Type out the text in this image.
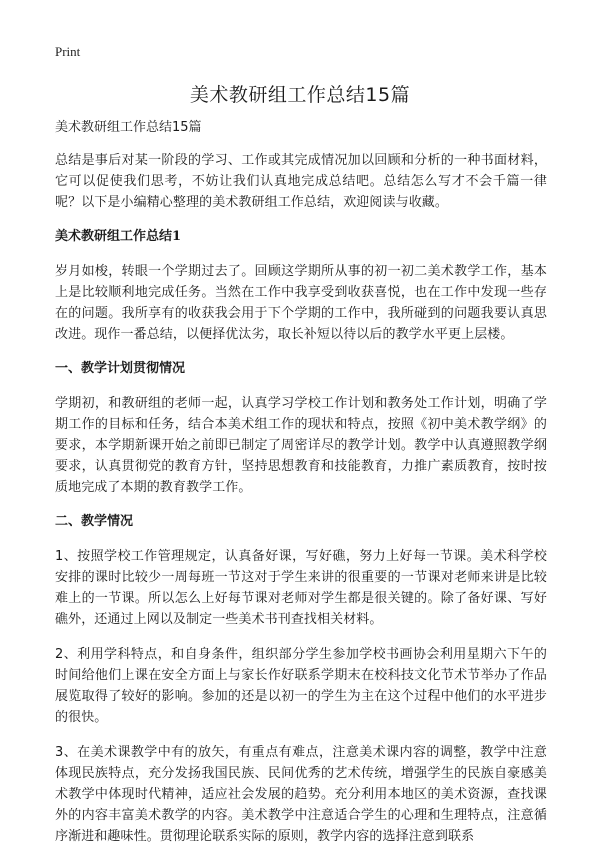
Print
美术教研组工作总结15篇

美术教研组工作总结15篇

总结是事后对某一阶段的学习、工作或其完成情况加以回顾和分析的一种书面材料，它可以促使我们思考，不妨让我们认真地完成总结吧。总结怎么写才不会千篇一律呢？以下是小编精心整理的美术教研组工作总结，欢迎阅读与收藏。

美术教研组工作总结1

岁月如梭，转眼一个学期过去了。回顾这学期所从事的初一初二美术教学工作，基本上是比较顺利地完成任务。当然在工作中我享受到收获喜悦，也在工作中发现一些存在的问题。我所享有的收获我会用于下个学期的工作中，我所碰到的问题我要认真思改进。现作一番总结，以便择优汰劣，取长补短以待以后的教学水平更上层楼。

一、教学计划贯彻情况

学期初，和教研组的老师一起，认真学习学校工作计划和教务处工作计划，明确了学期工作的目标和任务，结合本美术组工作的现状和特点，按照《初中美术教学纲》的要求，本学期新课开始之前即已制定了周密详尽的教学计划。教学中认真遵照教学纲要求，认真贯彻党的教育方针，坚持思想教育和技能教育，力推广素质教育，按时按质地完成了本期的教育教学工作。

二、教学情况

1、按照学校工作管理规定，认真备好课，写好礁，努力上好每一节课。美术科学校安排的课时比较少一周每班一节这对于学生来讲的很重要的一节课对老师来讲是比较难上的一节课。所以怎么上好每节课对老师对学生都是很关键的。除了备好课、写好礁外，还通过上网以及制定一些美术书刊查找相关材料。

2、利用学科特点，和自身条件，组织部分学生参加学校书画协会利用星期六下午的时间给他们上课在安全方面上与家长作好联系学期末在校科技文化节术节举办了作品展览取得了较好的影响。参加的还是以初一的学生为主在这个过程中他们的水平进步的很快。

3、在美术课教学中有的放矢，有重点有难点，注意美术课内容的调整，教学中注意体现民族特点，充分发扬我国民族、民间优秀的艺术传统，增强学生的民族自豪感美术教学中体现时代精神，适应社会发展的趋势。充分利用本地区的美术资源，查找课外的内容丰富美术教学的内容。美术教学中注意适合学生的心理和生理特点，注意循序渐进和趣味性。贯彻理论联系实际的原则，教学内容的选择注意到联系
